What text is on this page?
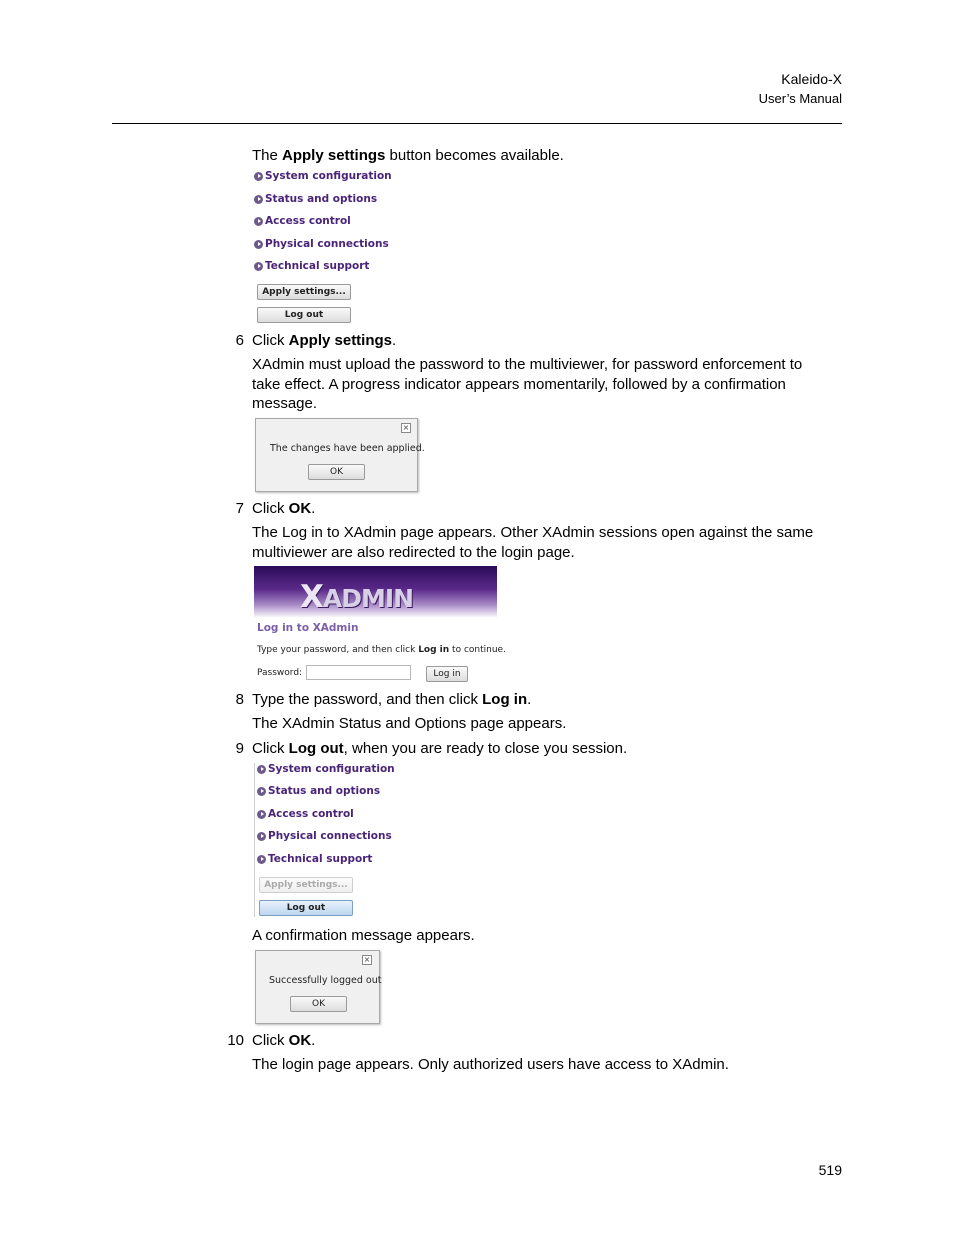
Kaleido-X
User’s Manual
The Apply settings button becomes available.
System configuration
Status and options
Access control
Physical connections
Technical support
Apply settings...
Log out
6 Click Apply settings.
XAdmin must upload the password to the multiviewer, for password enforcement to take effect. A progress indicator appears momentarily, followed by a confirmation message.
×
The changes have been applied.
OK
7 Click OK.
The Log in to XAdmin page appears. Other XAdmin sessions open against the same multiviewer are also redirected to the login page.
XADMIN
Log in to XAdmin
Type your password, and then click Log in to continue.
Password:	Log in
8 Type the password, and then click Log in.
The XAdmin Status and Options page appears.
9 Click Log out, when you are ready to close you session.
System configuration
Status and options
Access control
Physical connections
Technical support
Apply settings...
Log out
A confirmation message appears.
×
Successfully logged out
OK
10 Click OK.
The login page appears. Only authorized users have access to XAdmin.
519
